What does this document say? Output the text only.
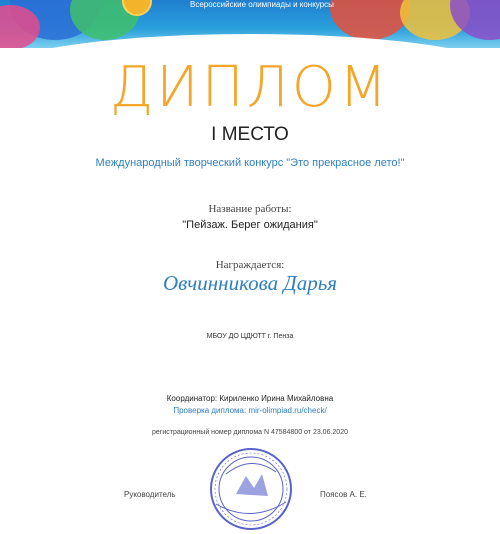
Всероссийские олимпиады и конкурсы
ДИПЛОМ
I МЕСТО
Международный творческий конкурс "Это прекрасное лето!"
Название работы:
"Пейзаж. Берег ожидания"
Награждается:
Овчинникова Дарья
МБОУ ДО ЦДЮТТ г. Пенза
Координатор: Кириленко Ирина Михайловна
Проверка диплома: mir-olimpiad.ru/check/
регистрационный номер диплома N 47584800 от 23.06.2020
Руководитель	Поясов А. Е.
